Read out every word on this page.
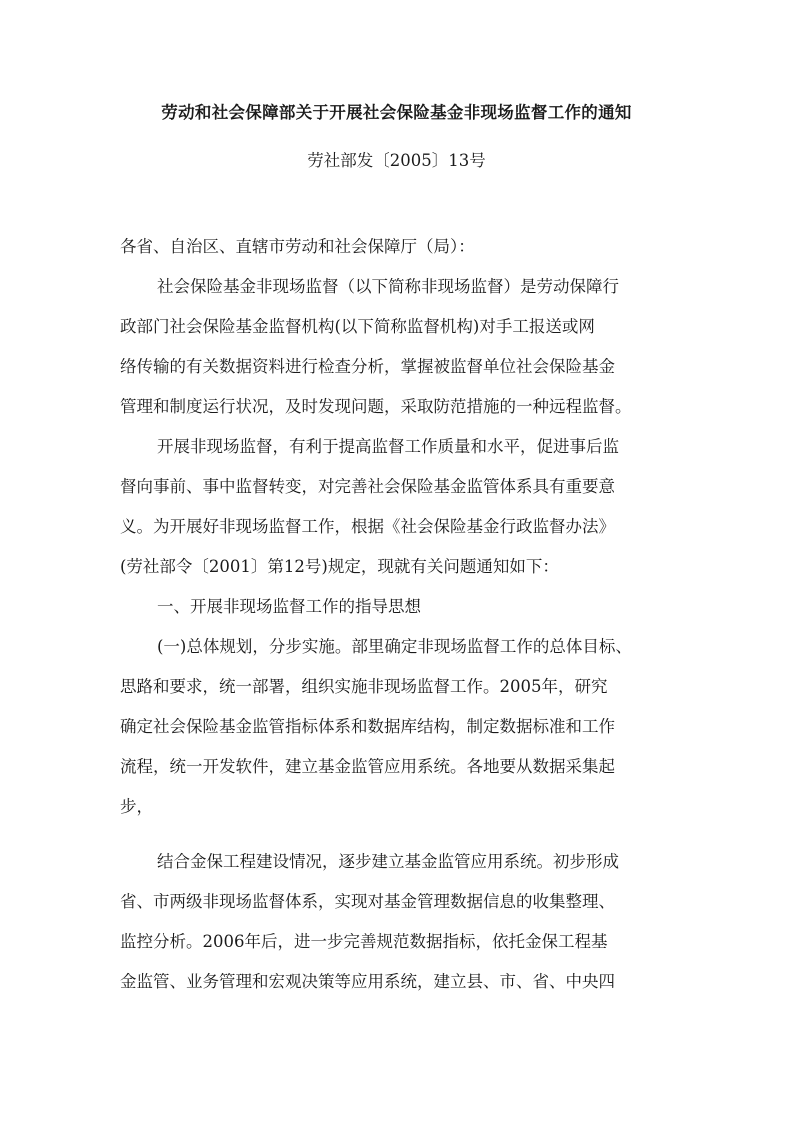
劳动和社会保障部关于开展社会保险基金非现场监督工作的通知
劳社部发〔2005〕13号
各省、自治区、直辖市劳动和社会保障厅（局）：
社会保险基金非现场监督（以下简称非现场监督）是劳动保障行
政部门社会保险基金监督机构(以下简称监督机构)对手工报送或网
络传输的有关数据资料进行检查分析，掌握被监督单位社会保险基金
管理和制度运行状况，及时发现问题，采取防范措施的一种远程监督。
开展非现场监督，有利于提高监督工作质量和水平，促进事后监
督向事前、事中监督转变，对完善社会保险基金监管体系具有重要意
义。为开展好非现场监督工作，根据《社会保险基金行政监督办法》
(劳社部令〔2001〕第12号)规定，现就有关问题通知如下：
一、开展非现场监督工作的指导思想
(一)总体规划，分步实施。部里确定非现场监督工作的总体目标、
思路和要求，统一部署，组织实施非现场监督工作。2005年，研究
确定社会保险基金监管指标体系和数据库结构，制定数据标准和工作
流程，统一开发软件，建立基金监管应用系统。各地要从数据采集起
步，
结合金保工程建设情况，逐步建立基金监管应用系统。初步形成
省、市两级非现场监督体系，实现对基金管理数据信息的收集整理、
监控分析。2006年后，进一步完善规范数据指标，依托金保工程基
金监管、业务管理和宏观决策等应用系统，建立县、市、省、中央四
